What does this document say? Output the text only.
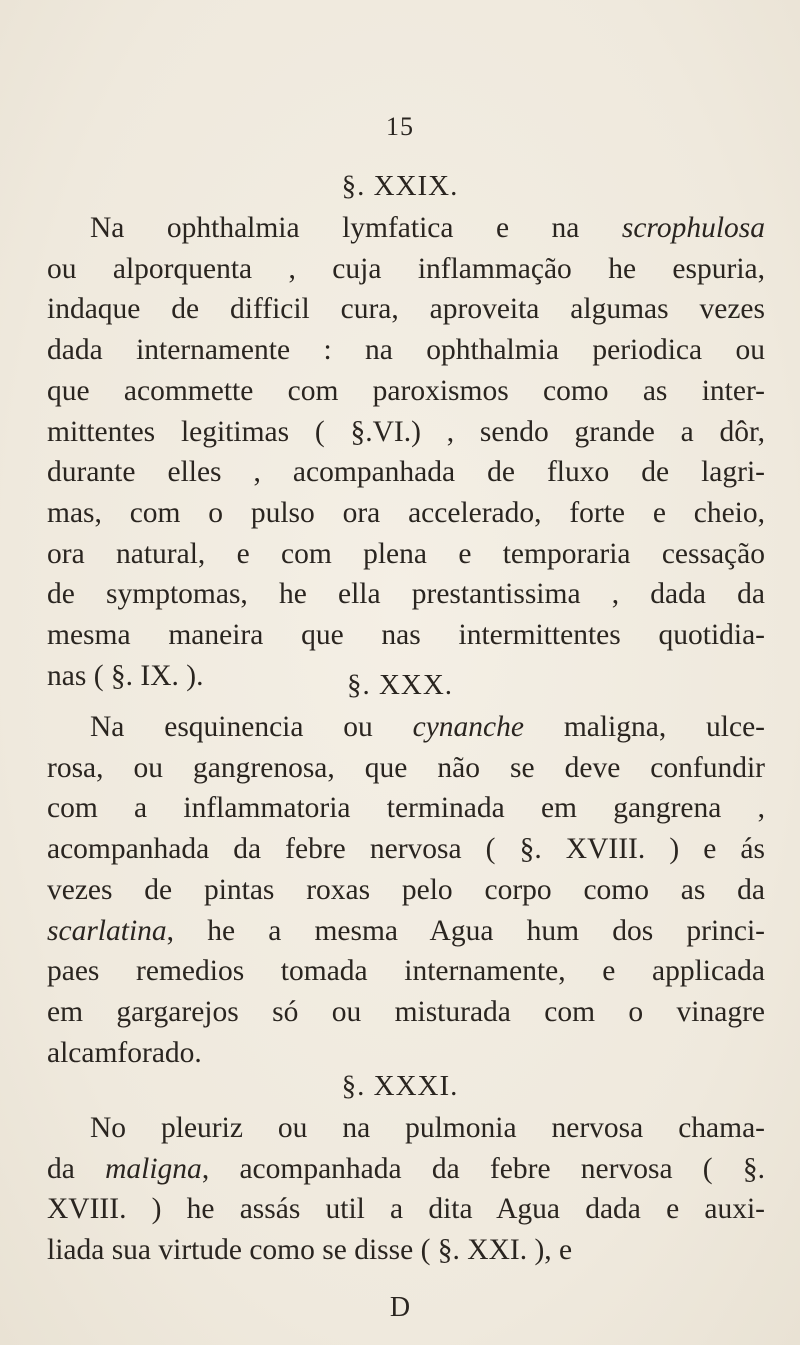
15
§. XXIX.
Na ophthalmia lymfatica e na scrophulosa
ou alporquenta , cuja inflammação he espuria,
indaque de difficil cura, aproveita algumas vezes
dada internamente : na ophthalmia periodica ou
que acommette com paroxismos como as inter-
mittentes legitimas ( §.VI.) , sendo grande a dôr,
durante elles , acompanhada de fluxo de lagri-
mas, com o pulso ora accelerado, forte e cheio,
ora natural, e com plena e temporaria cessação
de symptomas, he ella prestantissima , dada da
mesma maneira que nas intermittentes quotidia-
nas ( §. IX. ).	§. XXX.
Na esquinencia ou cynanche maligna, ulce-
rosa, ou gangrenosa, que não se deve confundir
com a inflammatoria terminada em gangrena ,
acompanhada da febre nervosa ( §. XVIII. ) e ás
vezes de pintas roxas pelo corpo como as da
scarlatina, he a mesma Agua hum dos princi-
paes remedios tomada internamente, e applicada
em gargarejos só ou misturada com o vinagre
alcamforado.
§. XXXI.
No pleuriz ou na pulmonia nervosa chama-
da maligna, acompanhada da febre nervosa ( §.
XVIII. ) he assás util a dita Agua dada e auxi-
liada sua virtude como se disse ( §. XXI. ), e
D
